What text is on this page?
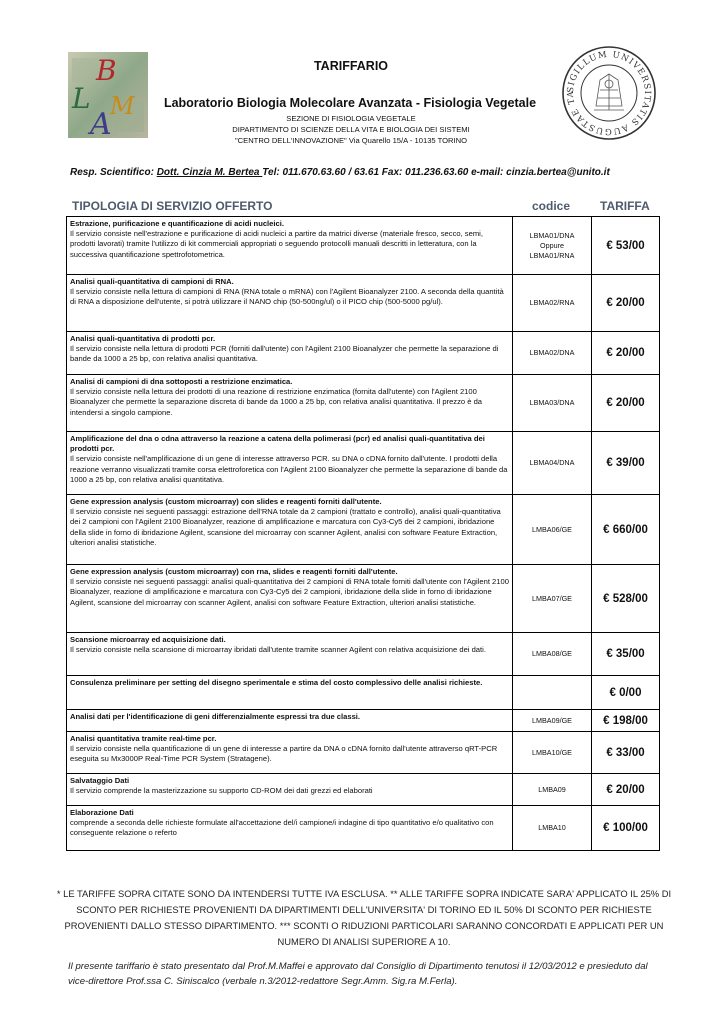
B
L
A
M
SIGILLUM UNIVERSITATIS AUGUSTAE TA
TARIFFARIO
Laboratorio Biologia Molecolare Avanzata - Fisiologia Vegetale
SEZIONE DI FISIOLOGIA VEGETALE
DIPARTIMENTO DI SCIENZE DELLA VITA E BIOLOGIA DEI SISTEMI
"CENTRO DELL'INNOVAZIONE" Via Quarello 15/A - 10135 TORINO
Resp. Scientifico: Dott. Cinzia M. Bertea Tel: 011.670.63.60 / 63.61 Fax: 011.236.63.60 e-mail: cinzia.bertea@unito.it
TIPOLOGIA DI SERVIZIO OFFERTO	codice TARIFFA
Estrazione, purificazione e quantificazione di acidi nucleici.
Il servizio consiste nell'estrazione e purificazione di acidi nucleici a partire da matrici diverse (materiale fresco, secco, semi, prodotti lavorati) tramite l'utilizzo di kit commerciali appropriati o seguendo protocolli manuali descritti in letteratura, con la successiva quantificazione spettrofotometrica.
LBMA01/DNA
Oppure
LBMA01/RNA
€ 53/00
Analisi quali-quantitativa di campioni di RNA.
Il servizio consiste nella lettura di campioni di RNA (RNA totale o mRNA) con l'Agilent Bioanalyzer 2100. A seconda della quantità di RNA a disposizione dell'utente, si potrà utilizzare il NANO chip (50-500ng/ul) o il PICO chip (500-5000 pg/ul).	LBMA02/RNA	€ 20/00
Analisi quali-quantitativa di prodotti pcr.
Il servizio consiste nella lettura di prodotti PCR (forniti dall'utente) con l'Agilent 2100 Bioanalyzer che permette la separazione di bande da 1000 a 25 bp, con relativa analisi quantitativa.
LBMA02/DNA	€ 20/00
Analisi di campioni di dna sottoposti a restrizione enzimatica.
Il servizio consiste nella lettura dei prodotti di una reazione di restrizione enzimatica (fornita dall'utente) con l'Agilent 2100 Bioanalyzer che permette la separazione discreta di bande da 1000 a 25 bp, con relativa analisi quantitativa. Il prezzo è da intendersi a singolo campione.
LBMA03/DNA	€ 20/00
Amplificazione del dna o cdna attraverso la reazione a catena della polimerasi (pcr) ed analisi quali-quantitativa dei prodotti pcr.
Il servizio consiste nell'amplificazione di un gene di interesse attraverso PCR. su DNA o cDNA fornito dall'utente. I prodotti della reazione verranno visualizzati tramite corsa elettroforetica con l'Agilent 2100 Bioanalyzer che permette la separazione di bande da 1000 a 25 bp, con relativa analisi quantitativa.
LBMA04/DNA	€ 39/00
Gene expression analysis (custom microarray) con slides e reagenti forniti dall'utente.
Il servizio consiste nei seguenti passaggi: estrazione dell'RNA totale da 2 campioni (trattato e controllo), analisi quali-quantitativa dei 2 campioni con l'Agilent 2100 Bioanalyzer, reazione di amplificazione e marcatura con Cy3-Cy5 dei 2 campioni, ibridazione della slide in forno di ibridazione Agilent, scansione del microarray con scanner Agilent, analisi con software Feature Extraction, ulteriori analisi statistiche.
LMBA06/GE	€ 660/00
Gene expression analysis (custom microarray) con rna, slides e reagenti forniti dall'utente.
Il servizio consiste nei seguenti passaggi: analisi quali-quantitativa dei 2 campioni di RNA totale forniti dall'utente con l'Agilent 2100 Bioanalyzer, reazione di amplificazione e marcatura con Cy3-Cy5 dei 2 campioni, ibridazione della slide in forno di ibridazione Agilent, scansione del microarray con scanner Agilent, analisi con software Feature Extraction, ulteriori analisi statistiche.	LMBA07/GE	€ 528/00
Scansione microarray ed acquisizione dati.
Il servizio consiste nella scansione di microarray ibridati dall'utente tramite scanner Agilent con relativa acquisizione dei dati.	LMBA08/GE	€ 35/00
Consulenza preliminare per setting del disegno sperimentale e stima del costo complessivo delle analisi richieste.
€ 0/00
Analisi dati per l'identificazione di geni differenzialmente espressi tra due classi.	LMBA09/GE	€ 198/00
Analisi quantitativa tramite real-time pcr.
Il servizio consiste nella quantificazione di un gene di interesse a partire da DNA o cDNA fornito dall'utente attraverso qRT-PCR eseguita su Mx3000P Real-Time PCR System (Stratagene).
LMBA10/GE	€ 33/00
Salvataggio Dati
Il servizio comprende la masterizzazione su supporto CD-ROM dei dati grezzi ed elaborati	LMBA09	€ 20/00
Elaborazione Dati
comprende a seconda delle richieste formulate all'accettazione del/i campione/i indagine di tipo quantitativo e/o qualitativo con conseguente relazione o referto
LMBA10	€ 100/00
* LE TARIFFE SOPRA CITATE SONO DA INTENDERSI TUTTE IVA ESCLUSA. ** ALLE TARIFFE SOPRA INDICATE SARA' APPLICATO IL 25% DI SCONTO PER RICHIESTE PROVENIENTI DA DIPARTIMENTI DELL'UNIVERSITA' DI TORINO ED IL 50% DI SCONTO PER RICHIESTE PROVENIENTI DALLO STESSO DIPARTIMENTO. *** SCONTI O RIDUZIONI PARTICOLARI SARANNO CONCORDATI E APPLICATI PER UN NUMERO DI ANALISI SUPERIORE A 10.
Il presente tariffario è stato presentato dal Prof.M.Maffei e approvato dal Consiglio di Dipartimento tenutosi il 12/03/2012 e presieduto dal vice-direttore Prof.ssa C. Siniscalco (verbale n.3/2012-redattore Segr.Amm. Sig.ra M.Ferla).
